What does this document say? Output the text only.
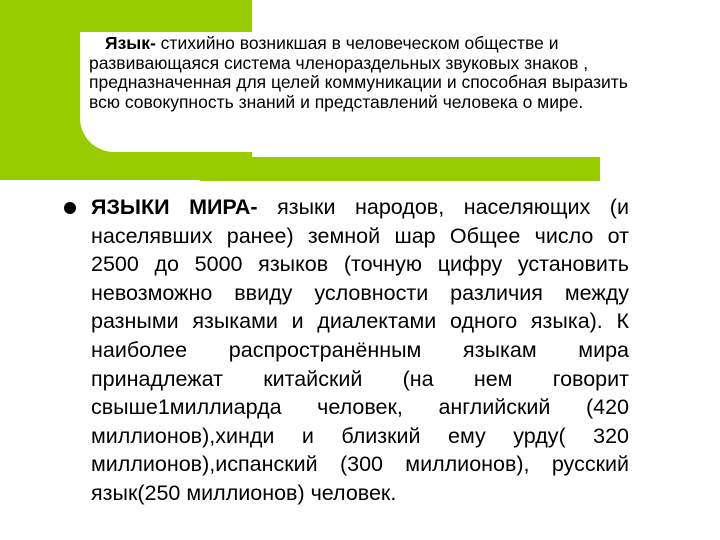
Язык- стихийно возникшая в человеческом обществе и развивающаяся система членораздельных звуковых знаков , предназначенная для целей коммуникации и способная выразить всю совокупность знаний и представлений человека о мире.

ЯЗЫКИ МИРА- языки народов, населяющих (и населявших ранее) земной шар Общее число от 2500 до 5000 языков (точную цифру установить невозможно ввиду условности различия между разными языками и диалектами одного языка). К наиболее распространённым языкам мира принадлежат китайский (на нем говорит свыше1миллиарда человек, английский (420 миллионов),хинди и близкий ему урду( 320 миллионов),испанский (300 миллионов), русский язык(250 миллионов) человек.
